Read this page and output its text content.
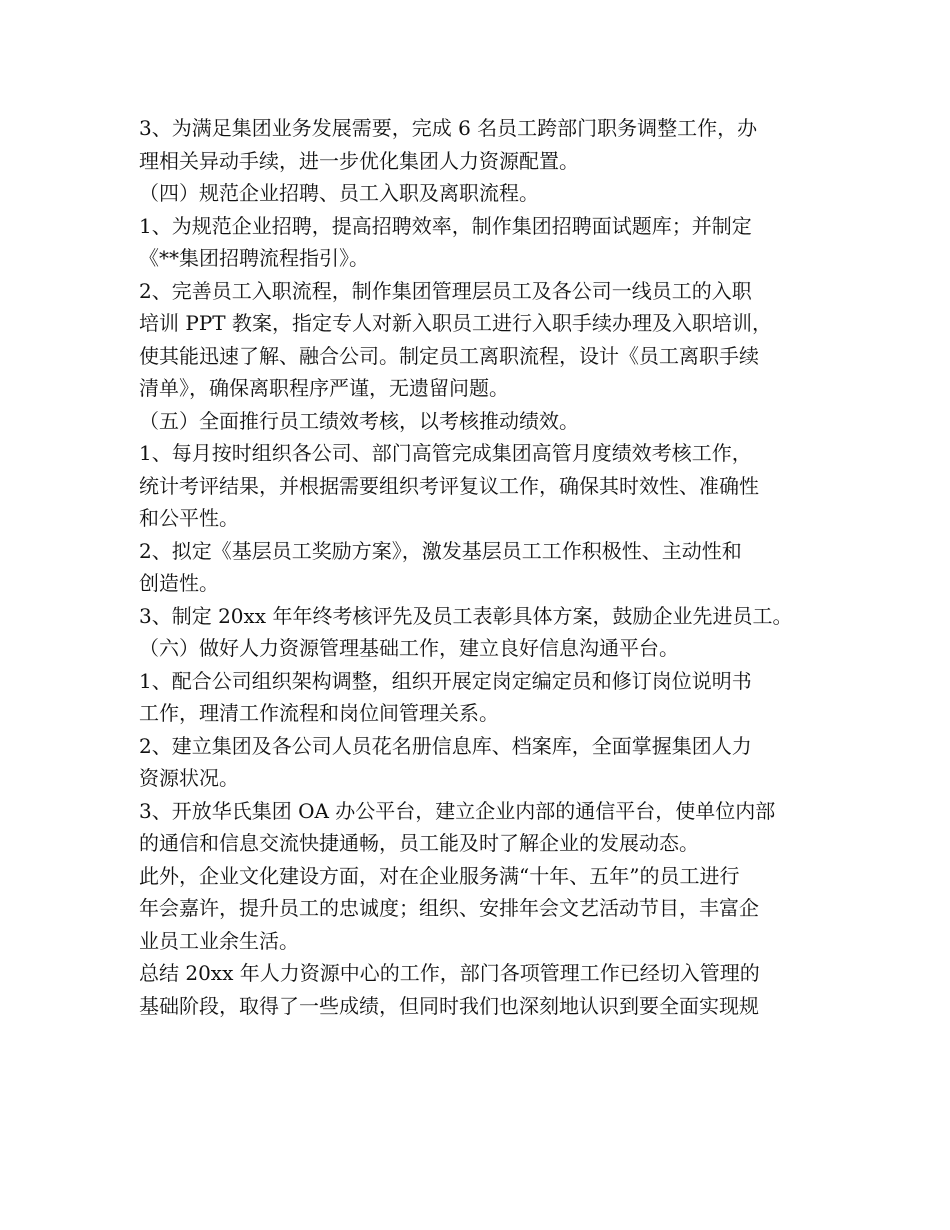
3、为满足集团业务发展需要，完成 6 名员工跨部门职务调整工作，办
理相关异动手续，进一步优化集团人力资源配置。
（四）规范企业招聘、员工入职及离职流程。
1、为规范企业招聘，提高招聘效率，制作集团招聘面试题库；并制定
《**集团招聘流程指引》。
2、完善员工入职流程，制作集团管理层员工及各公司一线员工的入职
培训 PPT 教案，指定专人对新入职员工进行入职手续办理及入职培训，
使其能迅速了解、融合公司。制定员工离职流程，设计《员工离职手续
清单》，确保离职程序严谨，无遗留问题。
（五）全面推行员工绩效考核，以考核推动绩效。
1、每月按时组织各公司、部门高管完成集团高管月度绩效考核工作，
统计考评结果，并根据需要组织考评复议工作，确保其时效性、准确性
和公平性。
2、拟定《基层员工奖励方案》，激发基层员工工作积极性、主动性和
创造性。
3、制定 20xx 年年终考核评先及员工表彰具体方案，鼓励企业先进员工。
（六）做好人力资源管理基础工作，建立良好信息沟通平台。
1、配合公司组织架构调整，组织开展定岗定编定员和修订岗位说明书
工作，理清工作流程和岗位间管理关系。
2、建立集团及各公司人员花名册信息库、档案库，全面掌握集团人力
资源状况。
3、开放华氏集团 OA 办公平台，建立企业内部的通信平台，使单位内部
的通信和信息交流快捷通畅，员工能及时了解企业的发展动态。
此外，企业文化建设方面，对在企业服务满“十年、五年”的员工进行
年会嘉许，提升员工的忠诚度；组织、安排年会文艺活动节目，丰富企
业员工业余生活。
总结 20xx 年人力资源中心的工作，部门各项管理工作已经切入管理的
基础阶段，取得了一些成绩，但同时我们也深刻地认识到要全面实现规
